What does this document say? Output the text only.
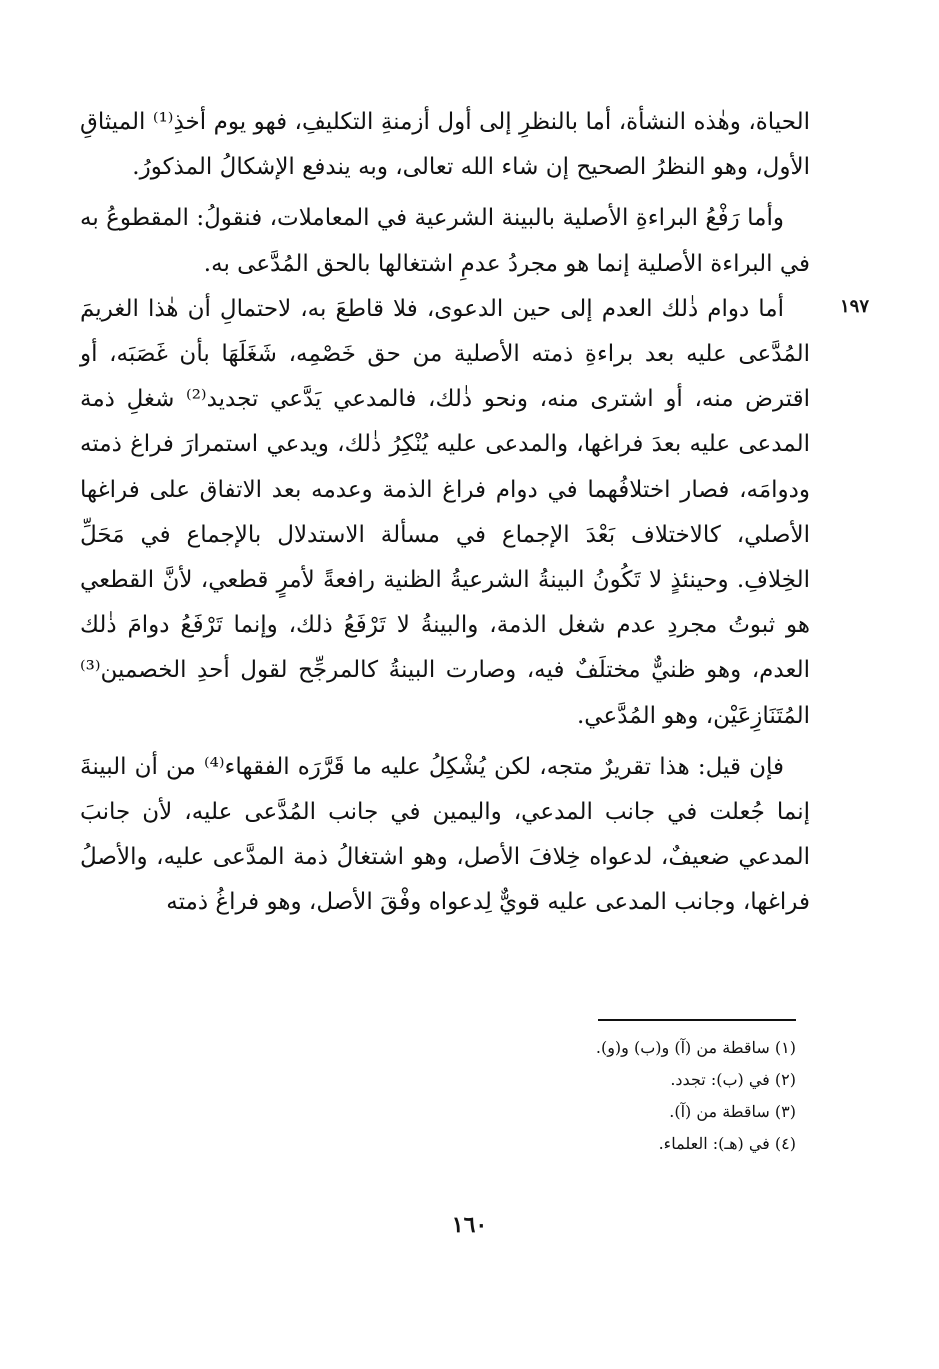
١٩٧

الحياة، وهٰذه النشأة، أما بالنظرِ إلى أول أزمنةِ التكليفِ، فهو يوم أخذِ⁽¹⁾ الميثاقِ الأول، وهو النظرُ الصحيح إن شاء الله تعالى، وبه يندفع الإشكالُ المذكورُ.

وأما رَفْعُ البراءةِ الأصلية بالبينة الشرعية في المعاملات، فنقولُ: المقطوعُ به في البراءة الأصلية إنما هو مجردُ عدمِ اشتغالها بالحق المُدَّعى به.

أما دوام ذٰلك العدم إلى حين الدعوى، فلا قاطعَ به، لاحتمالِ أن هٰذا الغريمَ المُدَّعى عليه بعد براءةِ ذمته الأصلية من حق خَصْمِه، شَغَلَهَا بأن غَصَبَه، أو اقترض منه، أو اشترى منه، ونحو ذٰلك، فالمدعي يَدَّعي تجديد⁽²⁾ شغلِ ذمة المدعى عليه بعدَ فراغها، والمدعى عليه يُنْكِرُ ذٰلك، ويدعي استمرارَ فراغ ذمته ودوامَه، فصار اختلافُهما في دوام فراغ الذمة وعدمه بعد الاتفاق على فراغها الأصلي، كالاختلاف بَعْدَ الإجماع في مسألة الاستدلال بالإجماع في مَحَلِّ الخِلافِ. وحينئذٍ لا تَكُونُ البينةُ الشرعيةُ الظنية رافعةً لأمرٍ قطعي، لأنَّ القطعي هو ثبوتُ مجردِ عدم شغل الذمة، والبينةُ لا تَرْفَعُ ذلك، وإنما تَرْفَعُ دوامَ ذٰلك العدم، وهو ظنيٌّ مختلَفٌ فيه، وصارت البينةُ كالمرجِّح لقول أحدِ الخصمين⁽³⁾ المُتَنَازِعَيْن، وهو المُدَّعي.

فإن قيل: هذا تقريرٌ متجه، لكن يُشْكِلُ عليه ما قَرَّرَه الفقهاء⁽⁴⁾ من أن البينةَ إنما جُعلت في جانب المدعي، واليمين في جانب المُدَّعى عليه، لأن جانبَ المدعي ضعيفٌ، لدعواه خِلافَ الأصل، وهو اشتغالُ ذمة المدَّعى عليه، والأصلُ فراغها، وجانب المدعى عليه قويٌّ لِدعواه وفْقَ الأصل، وهو فراغُ ذمته

(١) ساقطة من (آ) و(ب) و(و).
(٢) في (ب): تجدد.
(٣) ساقطة من (آ).
(٤) في (هـ): العلماء.
١٦٠
